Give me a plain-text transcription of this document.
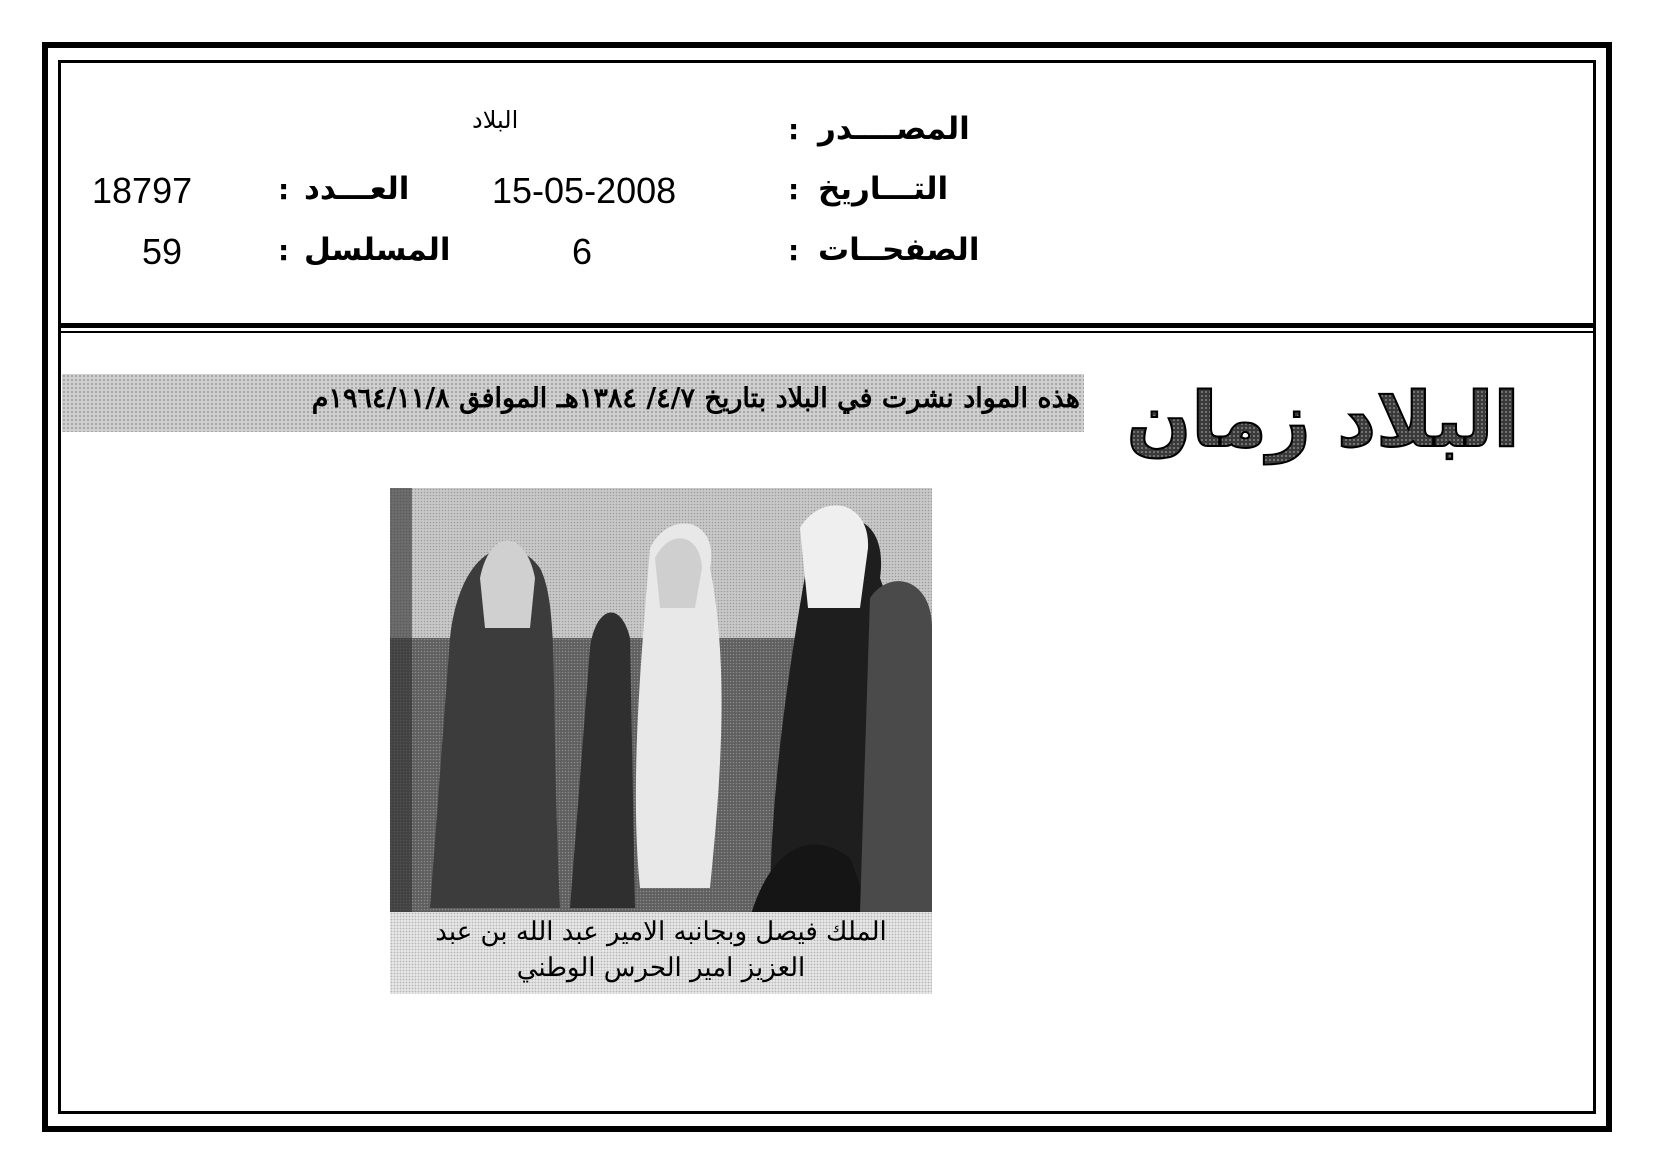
المصــــدر
:
البلاد
التـــاريخ
:
15-05-2008
الصفحــات
:
6
العـــدد
:
18797
المسلسل
:
59
هذه المواد نشرت في البلاد بتاريخ ٤/٧/ ١٣٨٤هـ الموافق ١٩٦٤/١١/٨م البلاد زمان
الملك فيصل وبجانبه الامير عبد الله بن عبد
العزيز امير الحرس الوطني
